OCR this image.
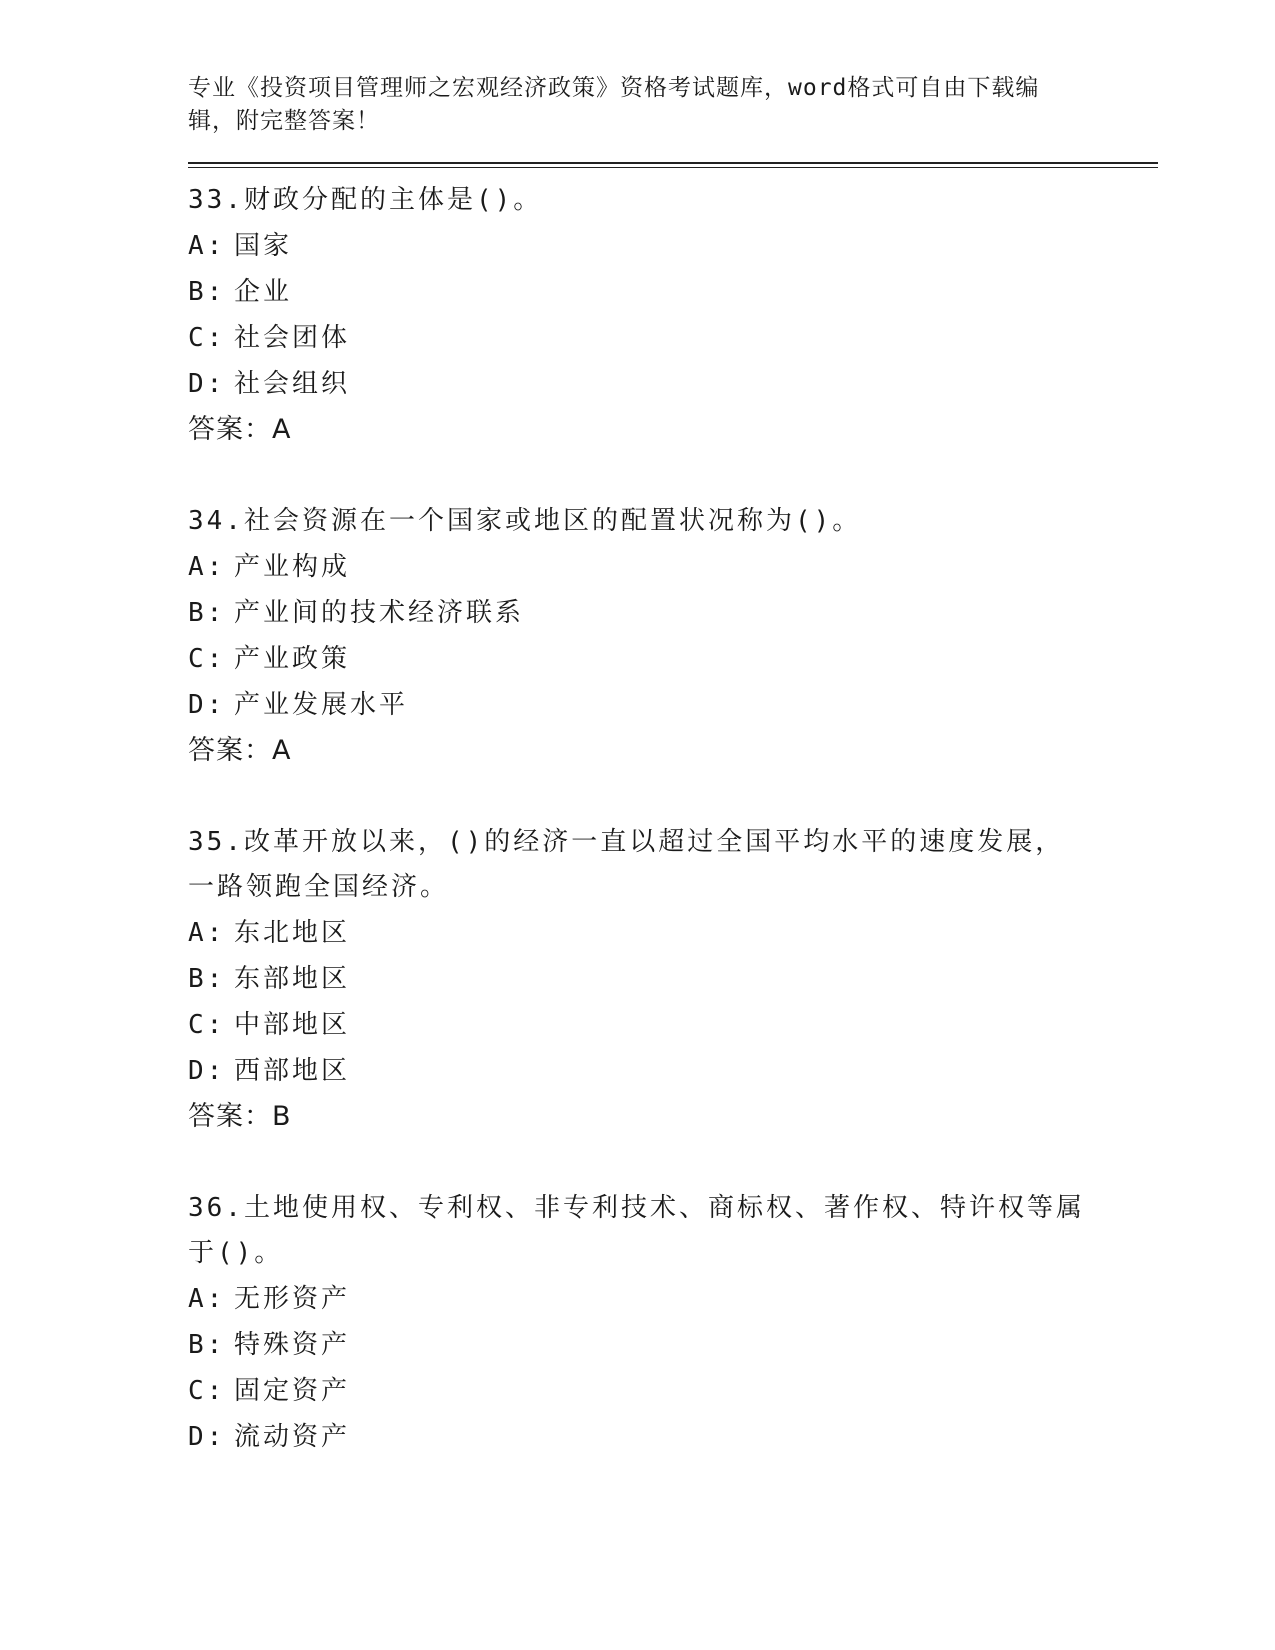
专业《投资项目管理师之宏观经济政策》资格考试题库，word格式可自由下载编辑，附完整答案！
33.财政分配的主体是()。
A: 国家
B: 企业
C: 社会团体
D: 社会组织
答案：A
34.社会资源在一个国家或地区的配置状况称为()。
A: 产业构成
B: 产业间的技术经济联系
C: 产业政策
D: 产业发展水平
答案：A
35.改革开放以来，()的经济一直以超过全国平均水平的速度发展，一路领跑全国经济。
A: 东北地区
B: 东部地区
C: 中部地区
D: 西部地区
答案：B
36.土地使用权、专利权、非专利技术、商标权、著作权、特许权等属于()。
A: 无形资产
B: 特殊资产
C: 固定资产
D: 流动资产
